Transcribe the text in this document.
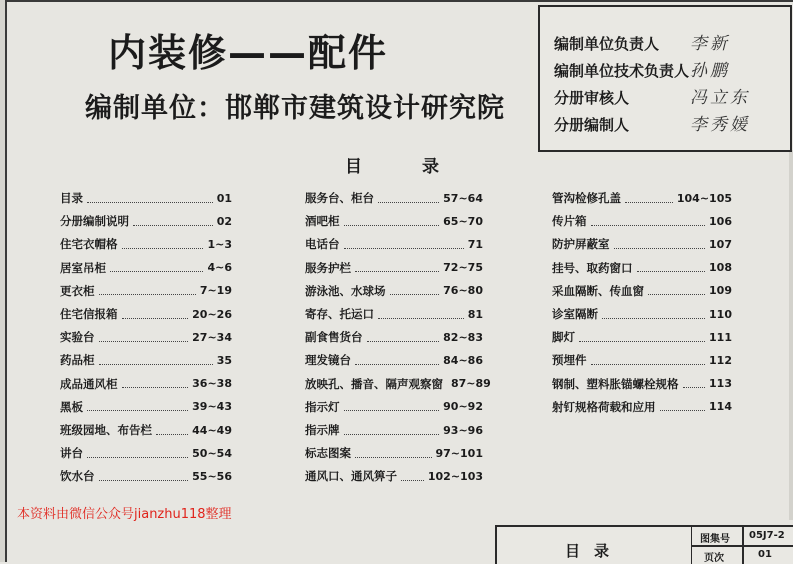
内装修——配件
编制单位：邯郸市建筑设计研究院
编制单位负责人 李新
编制单位技术负责人 孙鹏
分册审核人	冯立东
分册编制人	李秀媛
目录
目录	01
分册编制说明	02
住宅衣帽格	1~3
居室吊柜	4~6
更衣柜	7~19
住宅信报箱	20~26
实验台	27~34
药品柜	35
成品通风柜	36~38
黑板	39~43
班级园地、布告栏	44~49
讲台	50~54
饮水台	55~56
服务台、柜台	57~64
酒吧柜	65~70
电话台	71
服务护栏	72~75
游泳池、水球场	76~80
寄存、托运口	81
副食售货台	82~83
理发镜台	84~86
放映孔、播音、隔声观察窗 87~89
指示灯	90~92
指示牌	93~96
标志图案	97~101
通风口、通风箅子	102~103
管沟检修孔盖	104~105
传片箱	106
防护屏蔽室	107
挂号、取药窗口	108
采血隔断、传血窗	109
诊室隔断	110
脚灯	111
预埋件	112
钢制、塑料胀锚螺栓规格	113
射钉规格荷载和应用	114
本资料由微信公众号jianzhu118整理
目录
图集号 05J7-2
页次	01
